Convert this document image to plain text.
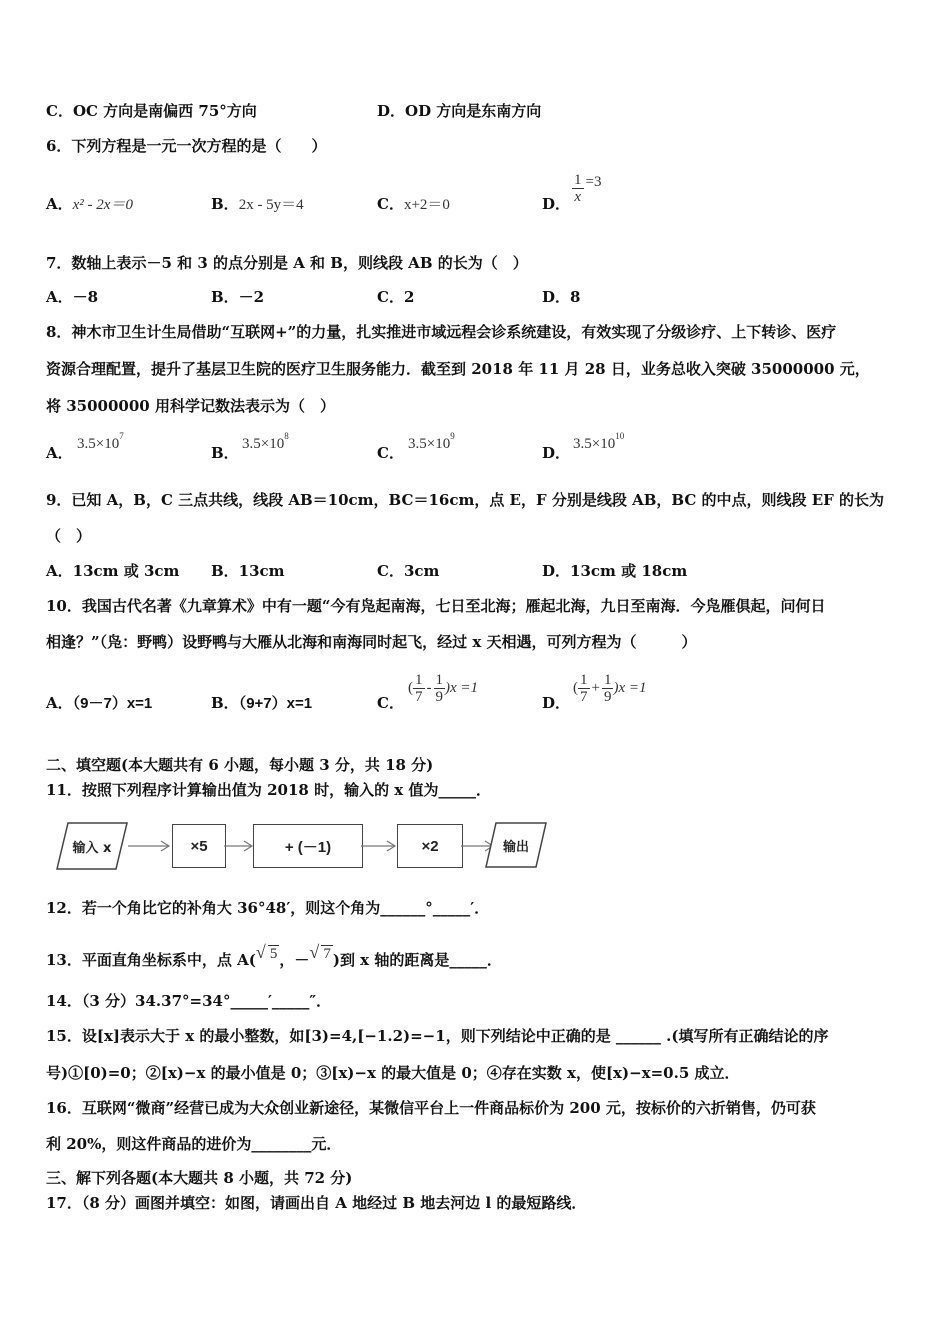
C．OC 方向是南偏西 75°方向	D．OD 方向是东南方向
6．下列方程是一元一次方程的是（　　）
A．x² - 2x＝0	B．2x - 5y＝4	C．x+2＝0	D． $\frac{1}{x} =3$
7．数轴上表示－5 和 3 的点分别是 A 和 B，则线段 AB 的长为（　）
A．－8	B．－2	C．2	D．8
8．神木市卫生计生局借助“互联网+”的力量，扎实推进市域远程会诊系统建设，有效实现了分级诊疗、上下转诊、医疗
资源合理配置，提升了基层卫生院的医疗卫生服务能力．截至到 2018 年 11 月 28 日，业务总收入突破 35000000 元，
将 35000000 用科学记数法表示为（　）
A． $3.5\times 10^7$
B． $3.5\times 10^8$
C． $3.5\times 10^9$
D． $3.5\times 10^{10}$
9．已知 A，B，C 三点共线，线段 AB＝10cm，BC＝16cm，点 E，F 分别是线段 AB，BC 的中点，则线段 EF 的长为
（　）
A．13cm 或 3cm B．13cm	C．3cm	D．13cm 或 18cm
10．我国古代名著《九章算术》中有一题“今有凫起南海，七日至北海；雁起北海，九日至南海．今凫雁俱起，问何日
相逢？”（凫：野鸭）设野鸭与大雁从北海和南海同时起飞，经过 x 天相遇，可列方程为（　　　）
A．（9－7）x=1	B．（9+7）x=1	C．
( $\frac{1}{7} - \frac{1}{9} )x =1$
D．
( $\frac{1}{7} + \frac{1}{9} )x =1$
二、填空题(本大题共有 6 小题，每小题 3 分，共 18 分)
11．按照下列程序计算输出值为 2018 时，输入的 x 值为_____．
输入 x	×5	+ (－1)	×2	输出
12．若一个角比它的补角大 36°48′，则这个角为______°_____′．
13．平面直角坐标系中，点 A( √ 5 ，－ √ 7 )到 x 轴的距离是_____．
14．（3 分）34.37°=34°_____′_____″．
15．设[x]表示大于 x 的最小整数，如[3)=4,[−1.2)=−1，则下列结论中正确的是 ______ .(填写所有正确结论的序
号)①[0)=0；②[x)−x 的最小值是 0；③[x)−x 的最大值是 0；④存在实数 x，使[x)−x=0.5 成立．
16．互联网“微商”经营已成为大众创业新途径，某微信平台上一件商品标价为 200 元，按标价的六折销售，仍可获
利 20%，则这件商品的进价为________元．
三、解下列各题(本大题共 8 小题，共 72 分)
17．（8 分）画图并填空：如图，请画出自 A 地经过 B 地去河边 l 的最短路线．
